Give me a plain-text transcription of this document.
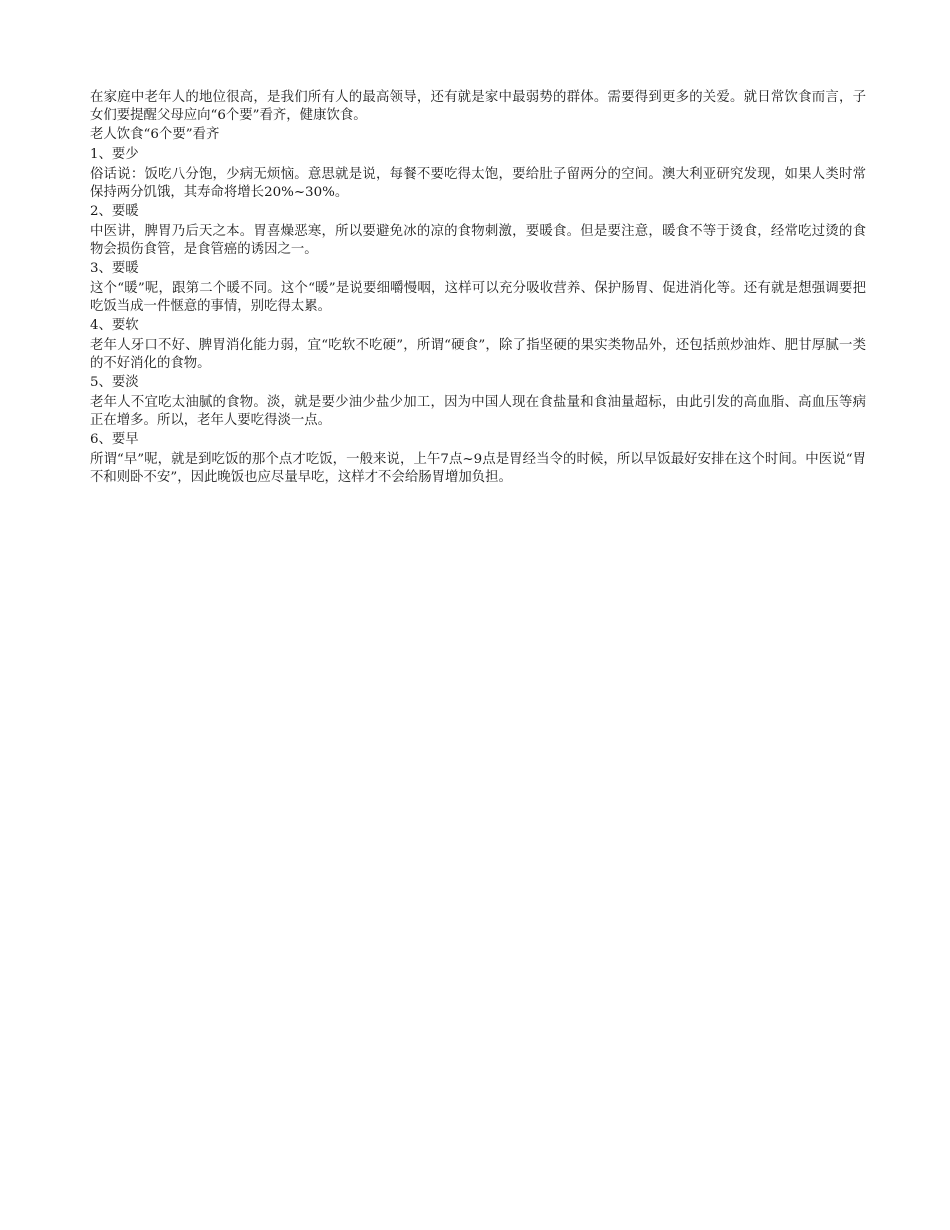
在家庭中老年人的地位很高，是我们所有人的最高领导，还有就是家中最弱势的群体。需要得到更多的关爱。就日常饮食而言，子女们要提醒父母应向“6个要”看齐，健康饮食。

老人饮食“6个要”看齐

1、要少

俗话说：饭吃八分饱，少病无烦恼。意思就是说，每餐不要吃得太饱，要给肚子留两分的空间。澳大利亚研究发现，如果人类时常保持两分饥饿，其寿命将增长20%~30%。

2、要暖

中医讲，脾胃乃后天之本。胃喜燥恶寒，所以要避免冰的凉的食物刺激，要暖食。但是要注意，暖食不等于烫食，经常吃过烫的食物会损伤食管，是食管癌的诱因之一。

3、要暖

这个“暖”呢，跟第二个暖不同。这个“暖”是说要细嚼慢咽，这样可以充分吸收营养、保护肠胃、促进消化等。还有就是想强调要把吃饭当成一件惬意的事情，别吃得太累。

4、要软

老年人牙口不好、脾胃消化能力弱，宜“吃软不吃硬”，所谓“硬食”，除了指坚硬的果实类物品外，还包括煎炒油炸、肥甘厚腻一类的不好消化的食物。

5、要淡

老年人不宜吃太油腻的食物。淡，就是要少油少盐少加工，因为中国人现在食盐量和食油量超标，由此引发的高血脂、高血压等病正在增多。所以，老年人要吃得淡一点。

6、要早

所谓“早”呢，就是到吃饭的那个点才吃饭，一般来说，上午7点~9点是胃经当令的时候，所以早饭最好安排在这个时间。中医说“胃不和则卧不安”，因此晚饭也应尽量早吃，这样才不会给肠胃增加负担。
